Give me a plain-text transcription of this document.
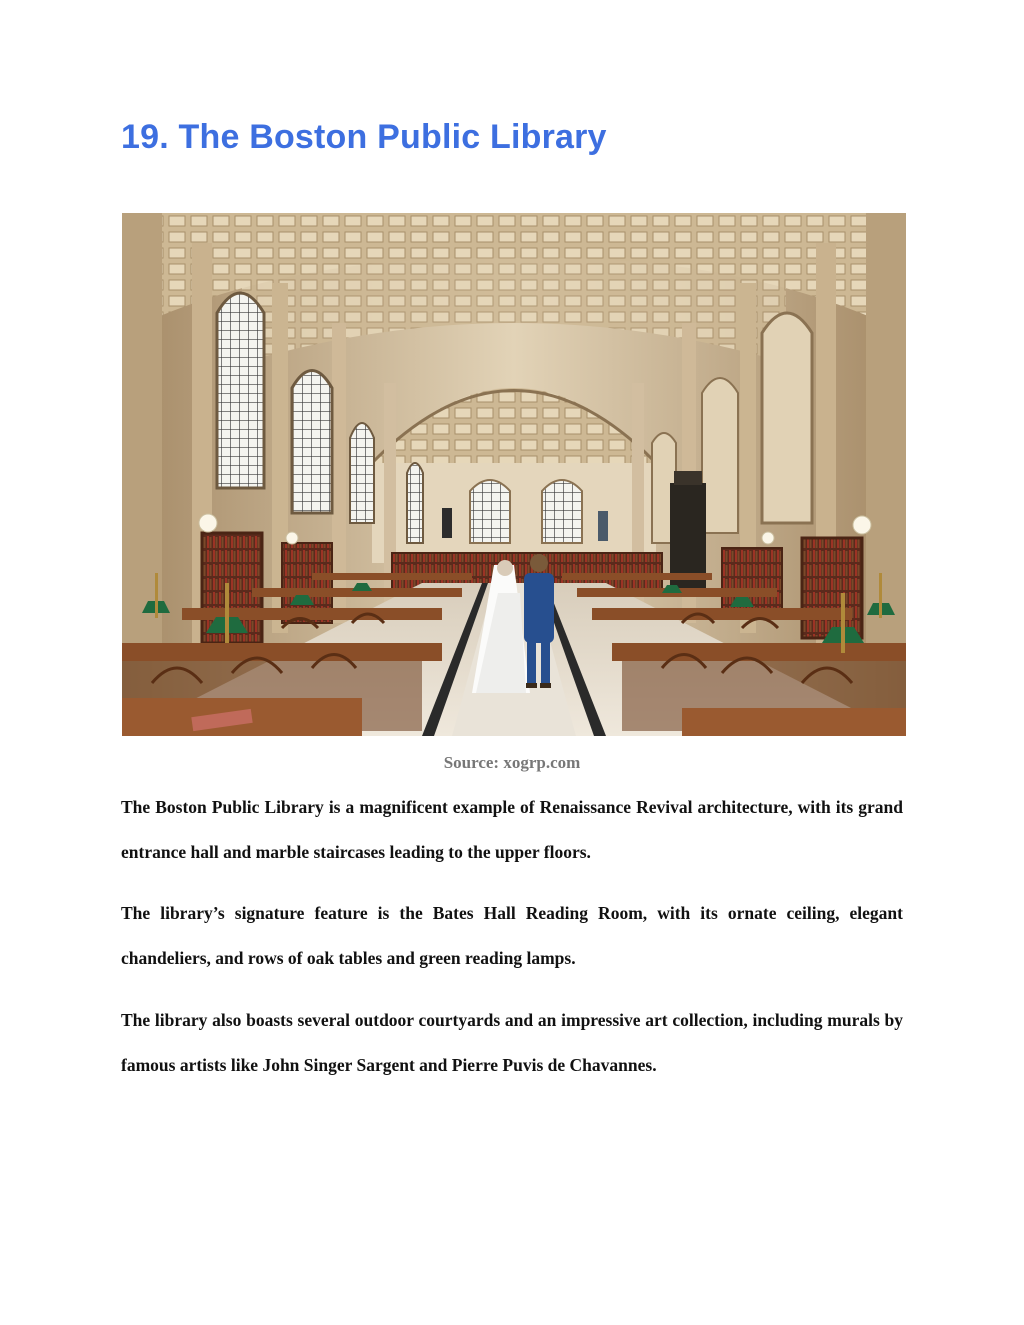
19. The Boston Public Library
Source: xogrp.com

The Boston Public Library is a magnificent example of Renaissance Revival architecture, with its grand entrance hall and marble staircases leading to the upper floors.

The library’s signature feature is the Bates Hall Reading Room, with its ornate ceiling, elegant chandeliers, and rows of oak tables and green reading lamps.

The library also boasts several outdoor courtyards and an impressive art collection, including murals by famous artists like John Singer Sargent and Pierre Puvis de Chavannes.
